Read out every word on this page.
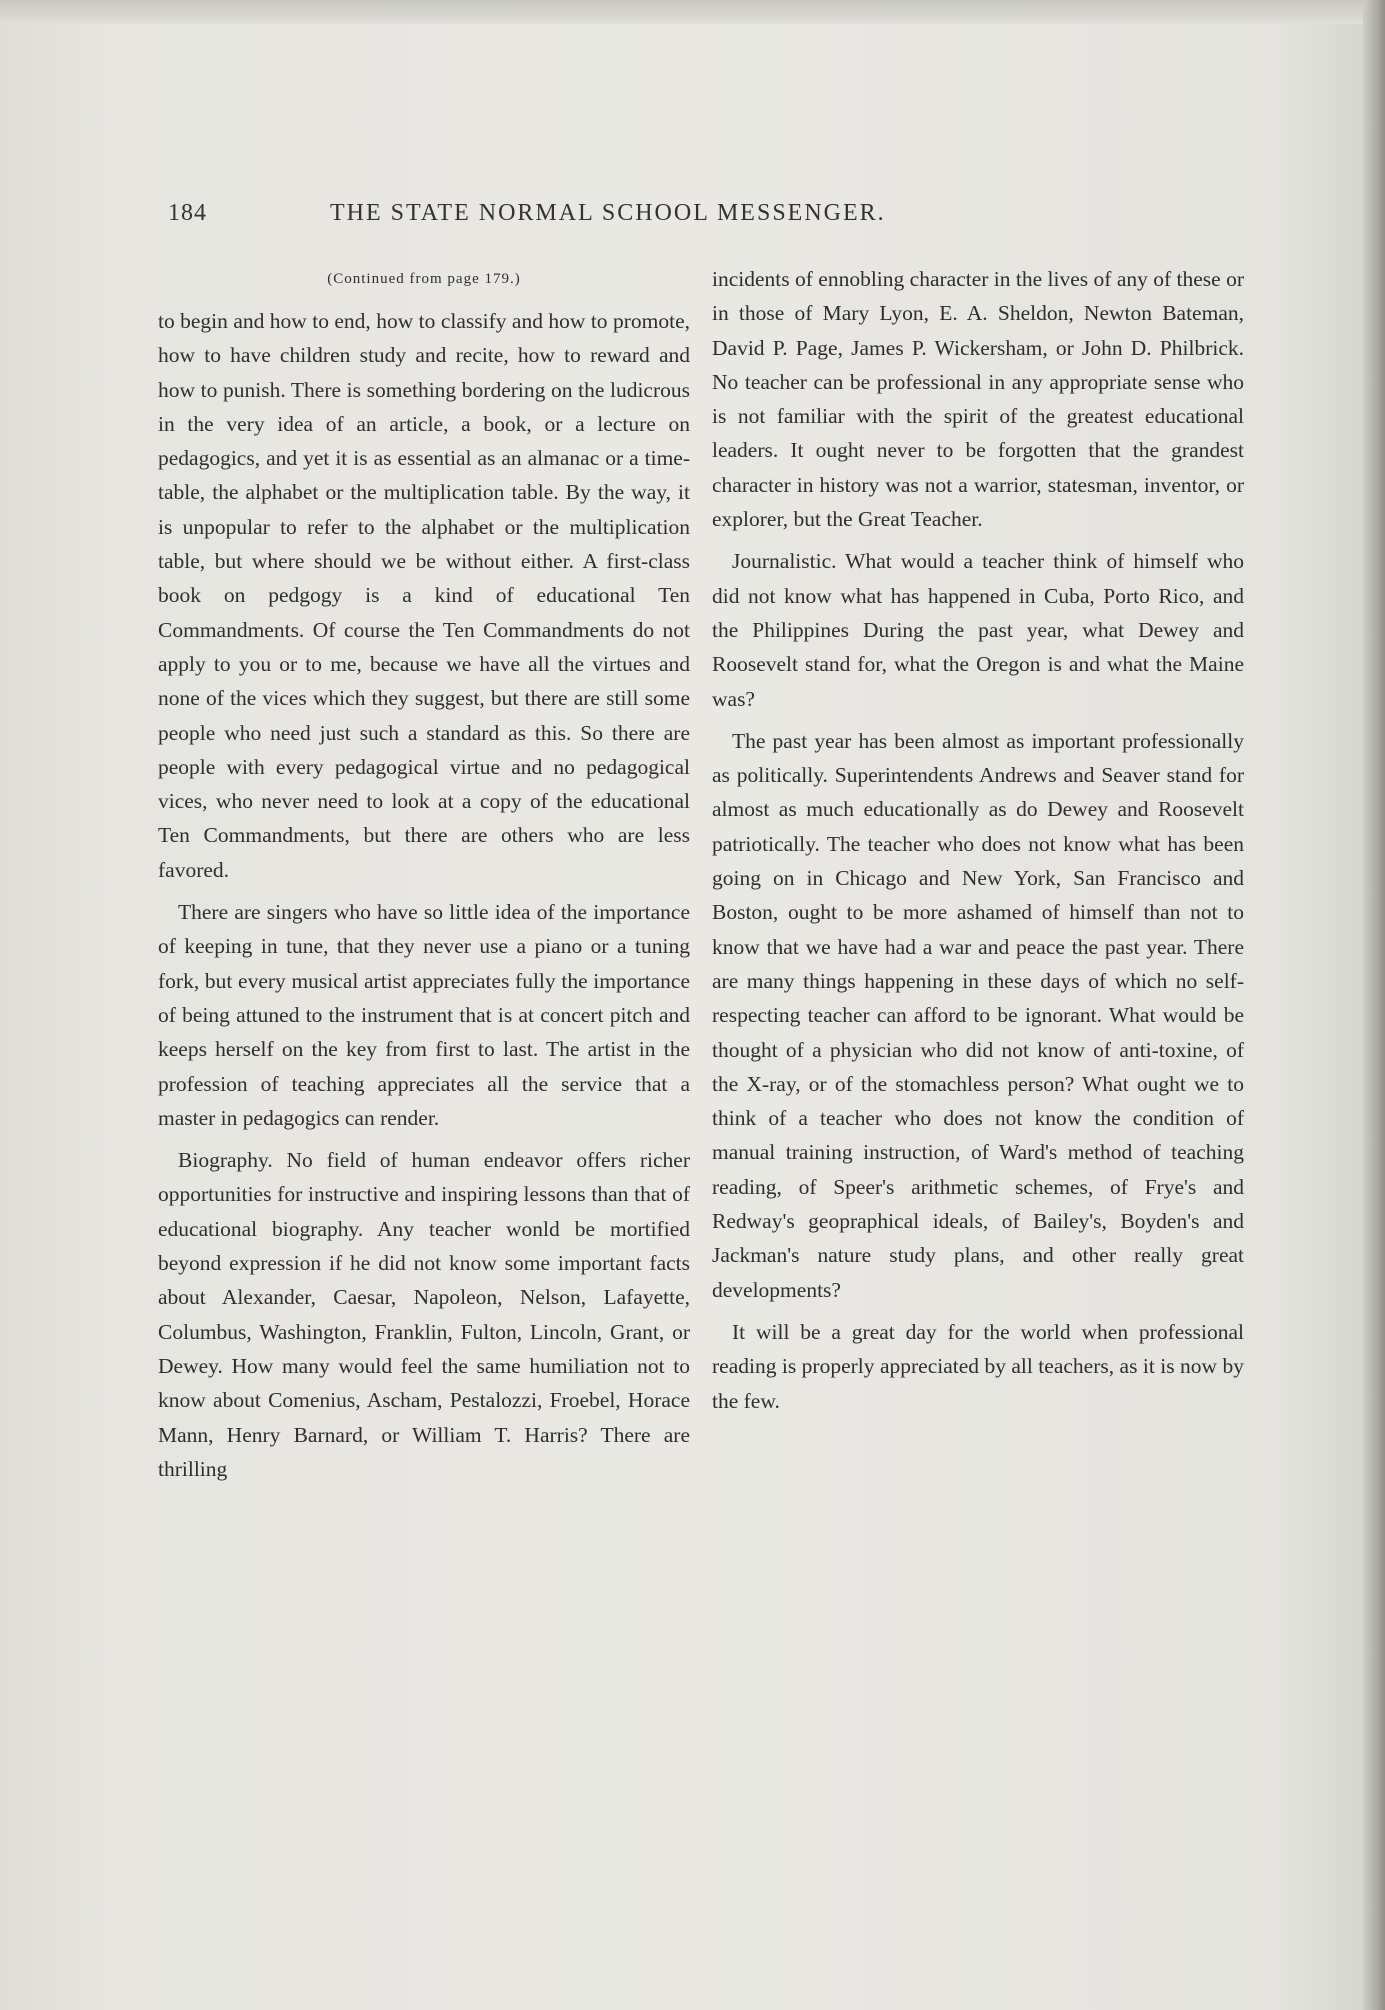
184	THE STATE NORMAL SCHOOL MESSENGER.

(Continued from page 179.)

to begin and how to end, how to classify and how to promote, how to have children study and recite, how to reward and how to punish. There is something bordering on the ludicrous in the very idea of an article, a book, or a lecture on pedagogics, and yet it is as essential as an almanac or a time-table, the alphabet or the multiplication table. By the way, it is unpopular to refer to the alphabet or the multiplication table, but where should we be without either. A first-class book on pedgogy is a kind of educational Ten Commandments. Of course the Ten Commandments do not apply to you or to me, because we have all the virtues and none of the vices which they suggest, but there are still some people who need just such a standard as this. So there are people with every pedagogical virtue and no pedagogical vices, who never need to look at a copy of the educational Ten Commandments, but there are others who are less favored.

There are singers who have so little idea of the importance of keeping in tune, that they never use a piano or a tuning fork, but every musical artist appreciates fully the importance of being attuned to the instrument that is at concert pitch and keeps herself on the key from first to last. The artist in the profession of teaching appreciates all the service that a master in pedagogics can render.

Biography. No field of human endeavor offers richer opportunities for instructive and inspiring lessons than that of educational biography. Any teacher wonld be mortified beyond expression if he did not know some important facts about Alexander, Caesar, Napoleon, Nelson, Lafayette, Columbus, Washington, Franklin, Fulton, Lincoln, Grant, or Dewey. How many would feel the same humiliation not to know about Comenius, Ascham, Pestalozzi, Froebel, Horace Mann, Henry Barnard, or William T. Harris? There are thrilling

incidents of ennobling character in the lives of any of these or in those of Mary Lyon, E. A. Sheldon, Newton Bateman, David P. Page, James P. Wickersham, or John D. Philbrick. No teacher can be professional in any appropriate sense who is not familiar with the spirit of the greatest educational leaders. It ought never to be forgotten that the grandest character in history was not a warrior, statesman, inventor, or explorer, but the Great Teacher.

Journalistic. What would a teacher think of himself who did not know what has happened in Cuba, Porto Rico, and the Philippines During the past year, what Dewey and Roosevelt stand for, what the Oregon is and what the Maine was?

The past year has been almost as important professionally as politically. Superintendents Andrews and Seaver stand for almost as much educationally as do Dewey and Roosevelt patriotically. The teacher who does not know what has been going on in Chicago and New York, San Francisco and Boston, ought to be more ashamed of himself than not to know that we have had a war and peace the past year. There are many things happening in these days of which no self-respecting teacher can afford to be ignorant. What would be thought of a physician who did not know of anti-toxine, of the X-ray, or of the stomachless person? What ought we to think of a teacher who does not know the condition of manual training instruction, of Ward's method of teaching reading, of Speer's arithmetic schemes, of Frye's and Redway's geopraphical ideals, of Bailey's, Boyden's and Jackman's nature study plans, and other really great developments?

It will be a great day for the world when professional reading is properly appreciated by all teachers, as it is now by the few.
